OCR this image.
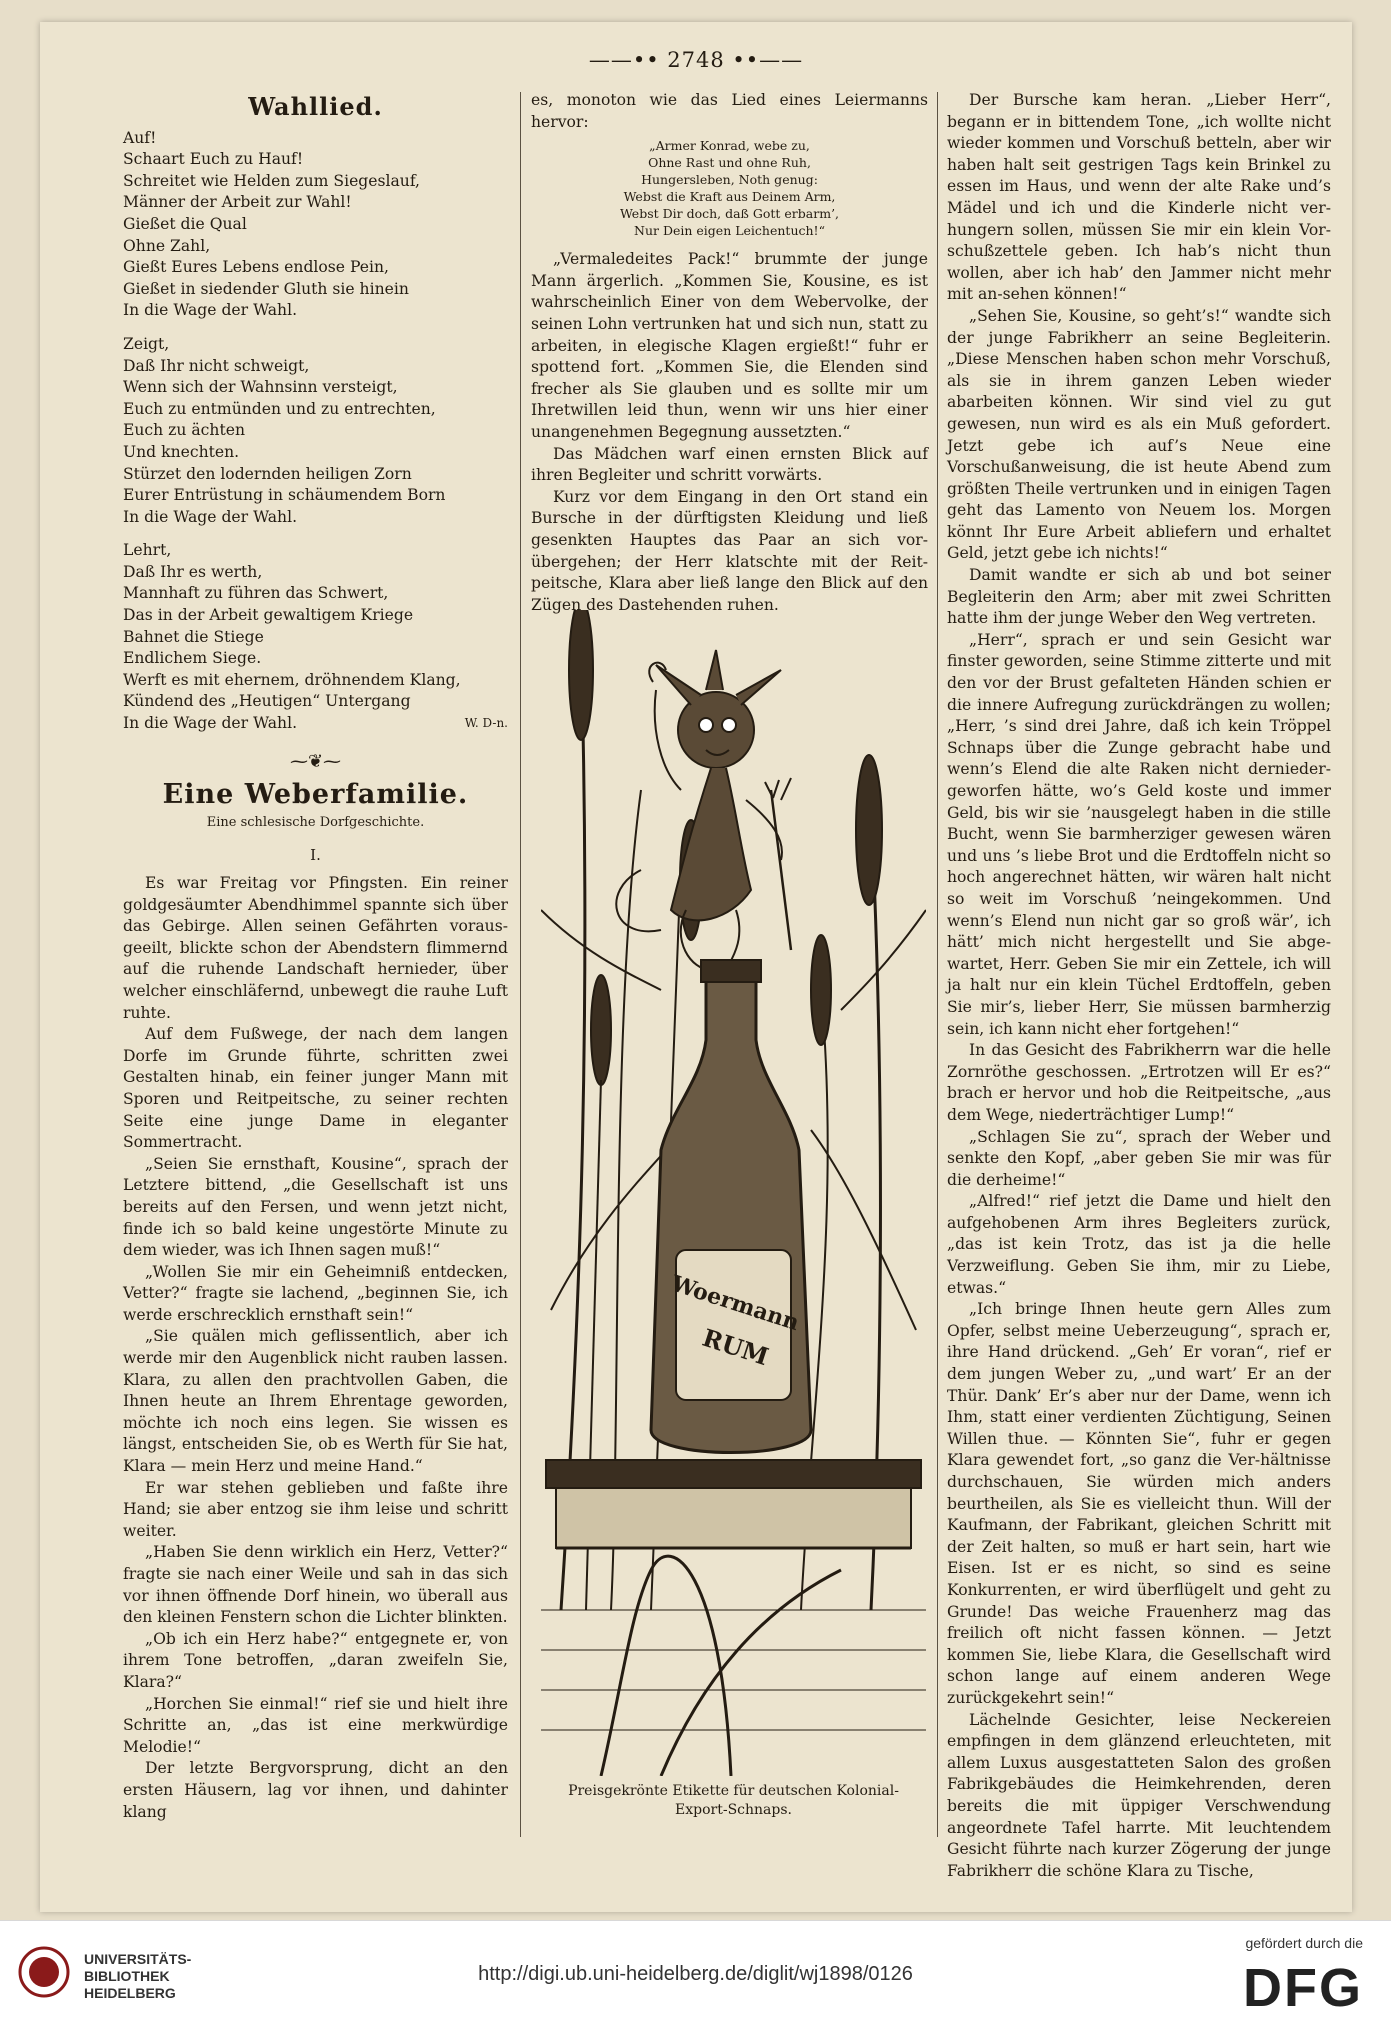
——•• 2748 ••——
Wahllied.
Auf!
Schaart Euch zu Hauf!
Schreitet wie Helden zum Siegeslauf,
Männer der Arbeit zur Wahl!
Gießet die Qual
Ohne Zahl,
Gießt Eures Lebens endlose Pein,
Gießet in siedender Gluth sie hinein
In die Wage der Wahl.
Zeigt,
Daß Ihr nicht schweigt,
Wenn sich der Wahnsinn versteigt,
Euch zu entmünden und zu entrechten,
Euch zu ächten
Und knechten.
Stürzet den lodernden heiligen Zorn
Eurer Entrüstung in schäumendem Born
In die Wage der Wahl.
Lehrt,
Daß Ihr es werth,
Mannhaft zu führen das Schwert,
Das in der Arbeit gewaltigem Kriege
Bahnet die Stiege
Endlichem Siege.
Werft es mit ehernem, dröhnendem Klang,
Kündend des „Heutigen“ Untergang
In die Wage der Wahl.	W. D-n.
⁓❦⁓
Eine Weberfamilie.
Eine schlesische Dorfgeschichte.
I.

Es war Freitag vor Pfingsten. Ein reiner goldgesäumter Abendhimmel spannte sich über das Gebirge. Allen seinen Gefährten voraus-geeilt, blickte schon der Abendstern flimmernd auf die ruhende Landschaft hernieder, über welcher einschläfernd, unbewegt die rauhe Luft ruhte.

Auf dem Fußwege, der nach dem langen Dorfe im Grunde führte, schritten zwei Gestalten hinab, ein feiner junger Mann mit Sporen und Reitpeitsche, zu seiner rechten Seite eine junge Dame in eleganter Sommertracht.

„Seien Sie ernsthaft, Kousine“, sprach der Letztere bittend, „die Gesellschaft ist uns bereits auf den Fersen, und wenn jetzt nicht, finde ich so bald keine ungestörte Minute zu dem wieder, was ich Ihnen sagen muß!“

„Wollen Sie mir ein Geheimniß entdecken, Vetter?“ fragte sie lachend, „beginnen Sie, ich werde erschrecklich ernsthaft sein!“

„Sie quälen mich geflissentlich, aber ich werde mir den Augenblick nicht rauben lassen. Klara, zu allen den prachtvollen Gaben, die Ihnen heute an Ihrem Ehrentage geworden, möchte ich noch eins legen. Sie wissen es längst, entscheiden Sie, ob es Werth für Sie hat, Klara — mein Herz und meine Hand.“

Er war stehen geblieben und faßte ihre Hand; sie aber entzog sie ihm leise und schritt weiter.

„Haben Sie denn wirklich ein Herz, Vetter?“ fragte sie nach einer Weile und sah in das sich vor ihnen öffnende Dorf hinein, wo überall aus den kleinen Fenstern schon die Lichter blinkten.

„Ob ich ein Herz habe?“ entgegnete er, von ihrem Tone betroffen, „daran zweifeln Sie, Klara?“

„Horchen Sie einmal!“ rief sie und hielt ihre Schritte an, „das ist eine merkwürdige Melodie!“

Der letzte Bergvorsprung, dicht an den ersten Häusern, lag vor ihnen, und dahinter klang

es, monoton wie das Lied eines Leiermanns hervor:

„Armer Konrad, webe zu,
Ohne Rast und ohne Ruh,
Hungersleben, Noth genug:
Webst die Kraft aus Deinem Arm,
Webst Dir doch, daß Gott erbarm’,
Nur Dein eigen Leichentuch!“

„Vermaledeites Pack!“ brummte der junge Mann ärgerlich. „Kommen Sie, Kousine, es ist wahrscheinlich Einer von dem Webervolke, der seinen Lohn vertrunken hat und sich nun, statt zu arbeiten, in elegische Klagen ergießt!“ fuhr er spottend fort. „Kommen Sie, die Elenden sind frecher als Sie glauben und es sollte mir um Ihretwillen leid thun, wenn wir uns hier einer unangenehmen Begegnung aussetzten.“

Das Mädchen warf einen ernsten Blick auf ihren Begleiter und schritt vorwärts.

Kurz vor dem Eingang in den Ort stand ein Bursche in der dürftigsten Kleidung und ließ gesenkten Hauptes das Paar an sich vor-übergehen; der Herr klatschte mit der Reit-peitsche, Klara aber ließ lange den Blick auf den Zügen des Dastehenden ruhen.

Woermann
RUM
Preisgekrönte Etikette für deutschen Kolonial-Export-Schnaps.

Der Bursche kam heran. „Lieber Herr“, begann er in bittendem Tone, „ich wollte nicht wieder kommen und Vorschuß betteln, aber wir haben halt seit gestrigen Tags kein Brinkel zu essen im Haus, und wenn der alte Rake und’s Mädel und ich und die Kinderle nicht ver-hungern sollen, müssen Sie mir ein klein Vor-schußzettele geben. Ich hab’s nicht thun wollen, aber ich hab’ den Jammer nicht mehr mit an-sehen können!“

„Sehen Sie, Kousine, so geht’s!“ wandte sich der junge Fabrikherr an seine Begleiterin. „Diese Menschen haben schon mehr Vorschuß, als sie in ihrem ganzen Leben wieder abarbeiten können. Wir sind viel zu gut gewesen, nun wird es als ein Muß gefordert. Jetzt gebe ich auf’s Neue eine Vorschußanweisung, die ist heute Abend zum größten Theile vertrunken und in einigen Tagen geht das Lamento von Neuem los. Morgen könnt Ihr Eure Arbeit abliefern und erhaltet Geld, jetzt gebe ich nichts!“

Damit wandte er sich ab und bot seiner Begleiterin den Arm; aber mit zwei Schritten hatte ihm der junge Weber den Weg vertreten.

„Herr“, sprach er und sein Gesicht war finster geworden, seine Stimme zitterte und mit den vor der Brust gefalteten Händen schien er die innere Aufregung zurückdrängen zu wollen; „Herr, ’s sind drei Jahre, daß ich kein Tröppel Schnaps über die Zunge gebracht habe und wenn’s Elend die alte Raken nicht dernieder-geworfen hätte, wo’s Geld koste und immer Geld, bis wir sie ’nausgelegt haben in die stille Bucht, wenn Sie barmherziger gewesen wären und uns ’s liebe Brot und die Erdtoffeln nicht so hoch angerechnet hätten, wir wären halt nicht so weit im Vorschuß ’neingekommen. Und wenn’s Elend nun nicht gar so groß wär’, ich hätt’ mich nicht hergestellt und Sie abge-wartet, Herr. Geben Sie mir ein Zettele, ich will ja halt nur ein klein Tüchel Erdtoffeln, geben Sie mir’s, lieber Herr, Sie müssen barmherzig sein, ich kann nicht eher fortgehen!“

In das Gesicht des Fabrikherrn war die helle Zornröthe geschossen. „Ertrotzen will Er es?“ brach er hervor und hob die Reitpeitsche, „aus dem Wege, niederträchtiger Lump!“

„Schlagen Sie zu“, sprach der Weber und senkte den Kopf, „aber geben Sie mir was für die derheime!“

„Alfred!“ rief jetzt die Dame und hielt den aufgehobenen Arm ihres Begleiters zurück, „das ist kein Trotz, das ist ja die helle Verzweiflung. Geben Sie ihm, mir zu Liebe, etwas.“

„Ich bringe Ihnen heute gern Alles zum Opfer, selbst meine Ueberzeugung“, sprach er, ihre Hand drückend. „Geh’ Er voran“, rief er dem jungen Weber zu, „und wart’ Er an der Thür. Dank’ Er’s aber nur der Dame, wenn ich Ihm, statt einer verdienten Züchtigung, Seinen Willen thue. — Könnten Sie“, fuhr er gegen Klara gewendet fort, „so ganz die Ver-hältnisse durchschauen, Sie würden mich anders beurtheilen, als Sie es vielleicht thun. Will der Kaufmann, der Fabrikant, gleichen Schritt mit der Zeit halten, so muß er hart sein, hart wie Eisen. Ist er es nicht, so sind es seine Konkurrenten, er wird überflügelt und geht zu Grunde! Das weiche Frauenherz mag das freilich oft nicht fassen können. — Jetzt kommen Sie, liebe Klara, die Gesellschaft wird schon lange auf einem anderen Wege zurückgekehrt sein!“

Lächelnde Gesichter, leise Neckereien empfingen in dem glänzend erleuchteten, mit allem Luxus ausgestatteten Salon des großen Fabrikgebäudes die Heimkehrenden, deren bereits die mit üppiger Verschwendung angeordnete Tafel harrte. Mit leuchtendem Gesicht führte nach kurzer Zögerung der junge Fabrikherr die schöne Klara zu Tische,

UNIVERSITÄTS-
BIBLIOTHEK
HEIDELBERG
http://digi.ub.uni-heidelberg.de/diglit/wj1898/0126
gefördert durch die
DFG
